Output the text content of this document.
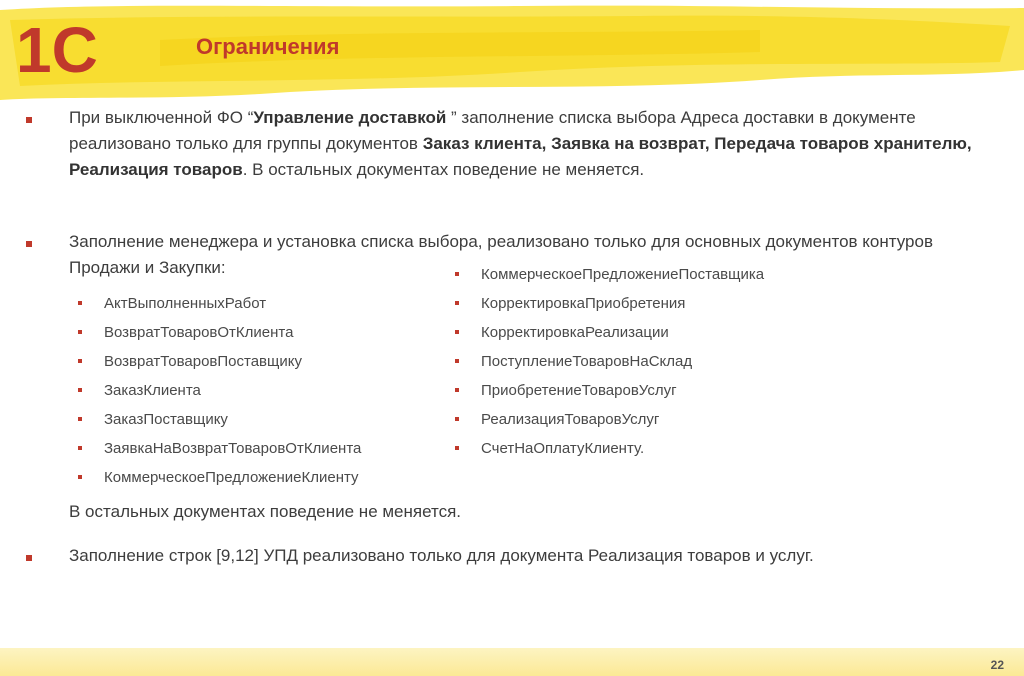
1С	Ограничения
При выключенной ФО “Управление доставкой ” заполнение списка выбора Адреса доставки в документе реализовано только для группы документов Заказ клиента, Заявка на возврат, Передача товаров хранителю, Реализация товаров. В остальных документах поведение не меняется.
Заполнение менеджера и установка списка выбора, реализовано только для основных документов контуров Продажи и Закупки:
АктВыполненныхРабот
ВозвратТоваровОтКлиента
ВозвратТоваровПоставщику
ЗаказКлиента
ЗаказПоставщику
ЗаявкаНаВозвратТоваровОтКлиента
КоммерческоеПредложениеКлиенту
КоммерческоеПредложениеПоставщика
КорректировкаПриобретения
КорректировкаРеализации
ПоступлениеТоваровНаСклад
ПриобретениеТоваровУслуг
РеализацияТоваровУслуг
СчетНаОплатуКлиенту.
В остальных документах поведение не меняется.
Заполнение строк [9,12] УПД реализовано только для документа Реализация товаров и услуг.
22
